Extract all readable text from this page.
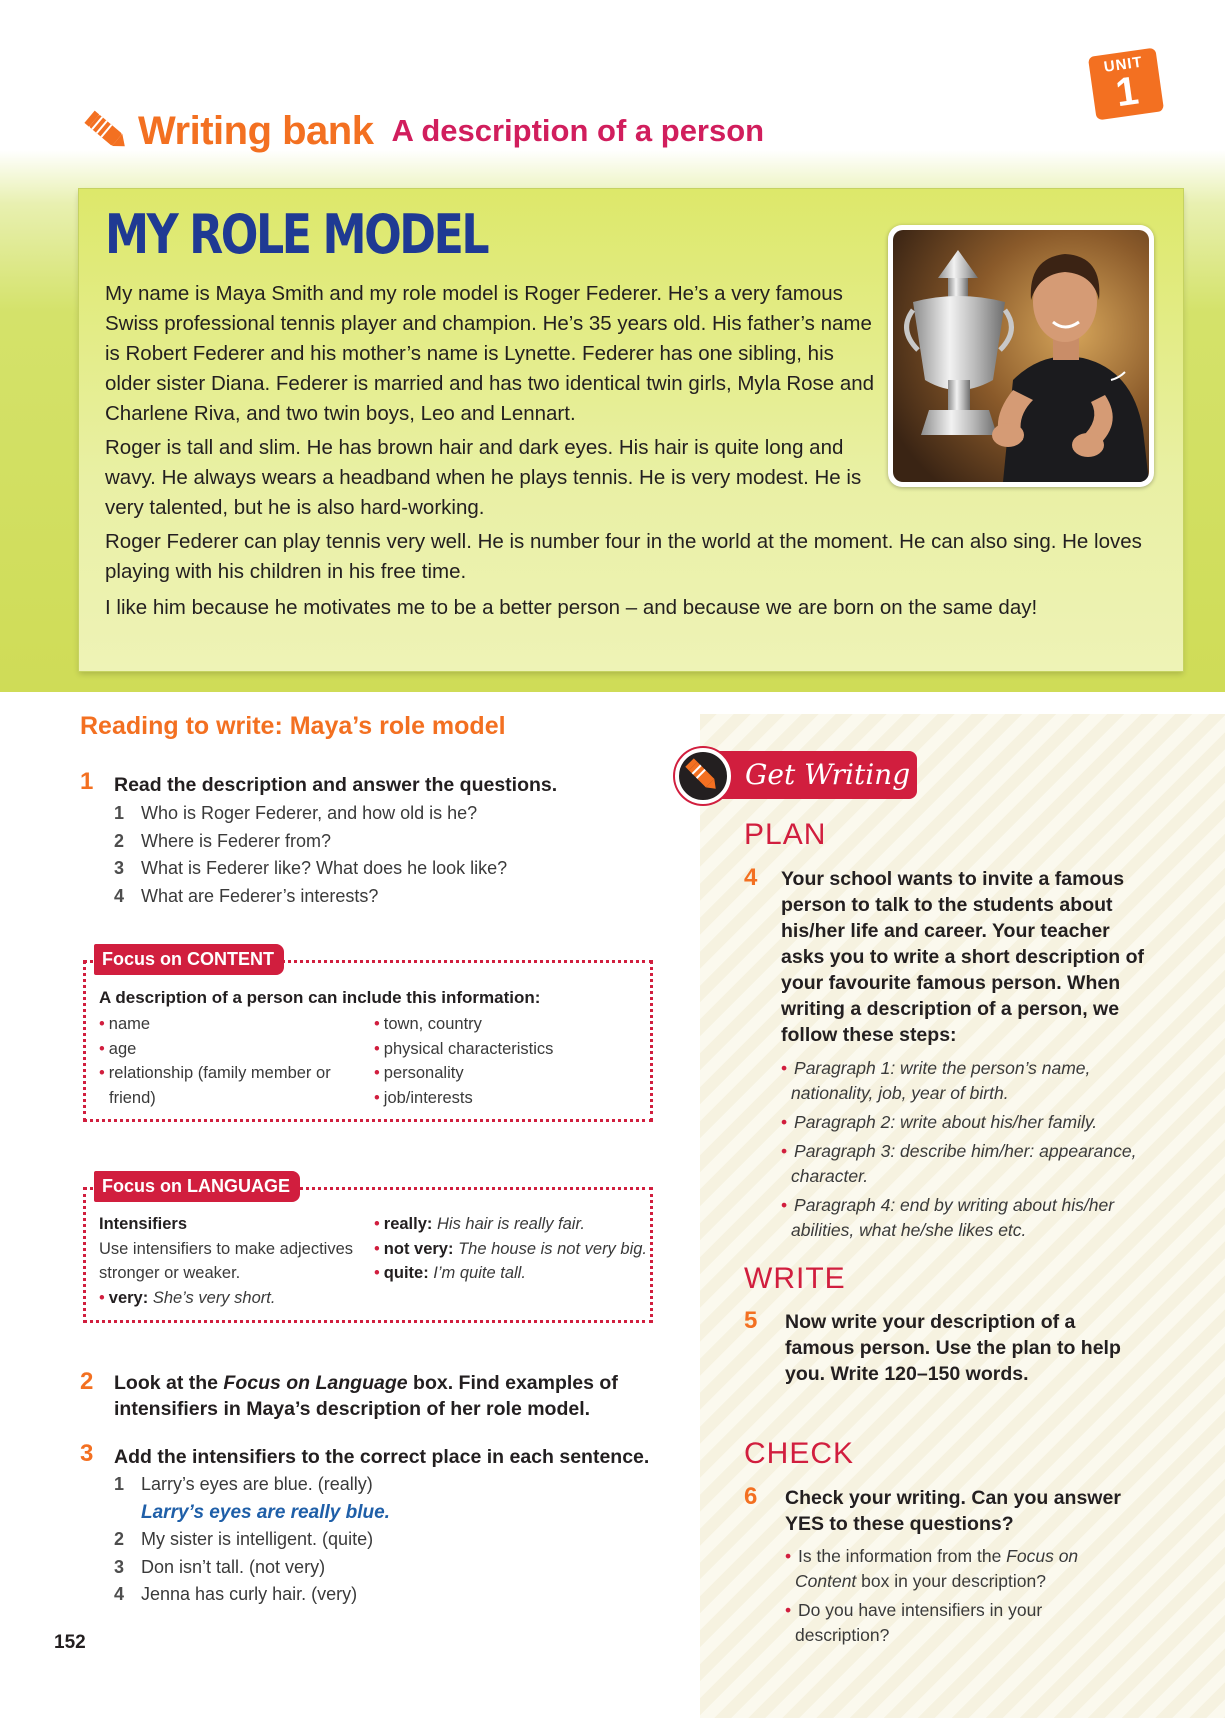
UNIT
1
Writing bank A description of a person
MY ROLE MODEL

My name is Maya Smith and my role model is Roger Federer. He’s a very famous Swiss professional tennis player and champion. He’s 35 years old. His father’s name is Robert Federer and his mother’s name is Lynette. Federer has one sibling, his older sister Diana. Federer is married and has two identical twin girls, Myla Rose and Charlene Riva, and two twin boys, Leo and Lennart.

Roger is tall and slim. He has brown hair and dark eyes. His hair is quite long and wavy. He always wears a headband when he plays tennis. He is very modest. He is very talented, but he is also hard-working.

Roger Federer can play tennis very well. He is number four in the world at the moment. He can also sing. He loves playing with his children in his free time.

I like him because he motivates me to be a better person – and because we are born on the same day!

Reading to write: Maya’s role model
1 Read the description and answer the questions.
1 Who is Roger Federer, and how old is he?
2 Where is Federer from?
3 What is Federer like? What does he look like?
4 What are Federer’s interests?
Focus on CONTENT
A description of a person can include this information:
• name
• age
• relationship (family member or
friend)
• town, country
• physical characteristics
• personality
• job/interests
Focus on LANGUAGE
Intensifiers
Use intensifiers to make adjectives
stronger or weaker.
• very: She’s very short.
• really: His hair is really fair.
• not very: The house is not very big.
• quite: I’m quite tall.
2 Look at the Focus on Language box. Find examples of
intensifiers in Maya’s description of her role model.
3 Add the intensifiers to the correct place in each sentence.
1 Larry’s eyes are blue. (really)
2 My sister is intelligent. (quite)
3 Don isn’t tall. (not very)
4 Jenna has curly hair. (very)
Larry’s eyes are really blue.
Get Writing
PLAN
4 Your school wants to invite a famous person to talk to the students about his/her life and career. Your teacher asks you to write a short description of your favourite famous person. When writing a description of a person, we follow these steps:
• Paragraph 1: write the person’s name, nationality, job, year of birth.
• Paragraph 2: write about his/her family.
• Paragraph 3: describe him/her: appearance, character.
• Paragraph 4: end by writing about his/her abilities, what he/she likes etc.
WRITE
5 Now write your description of a famous person. Use the plan to help you. Write 120–150 words.
CHECK
6 Check your writing. Can you answer YES to these questions?
• Is the information from the Focus on Content box in your description?
• Do you have intensifiers in your description?
152
